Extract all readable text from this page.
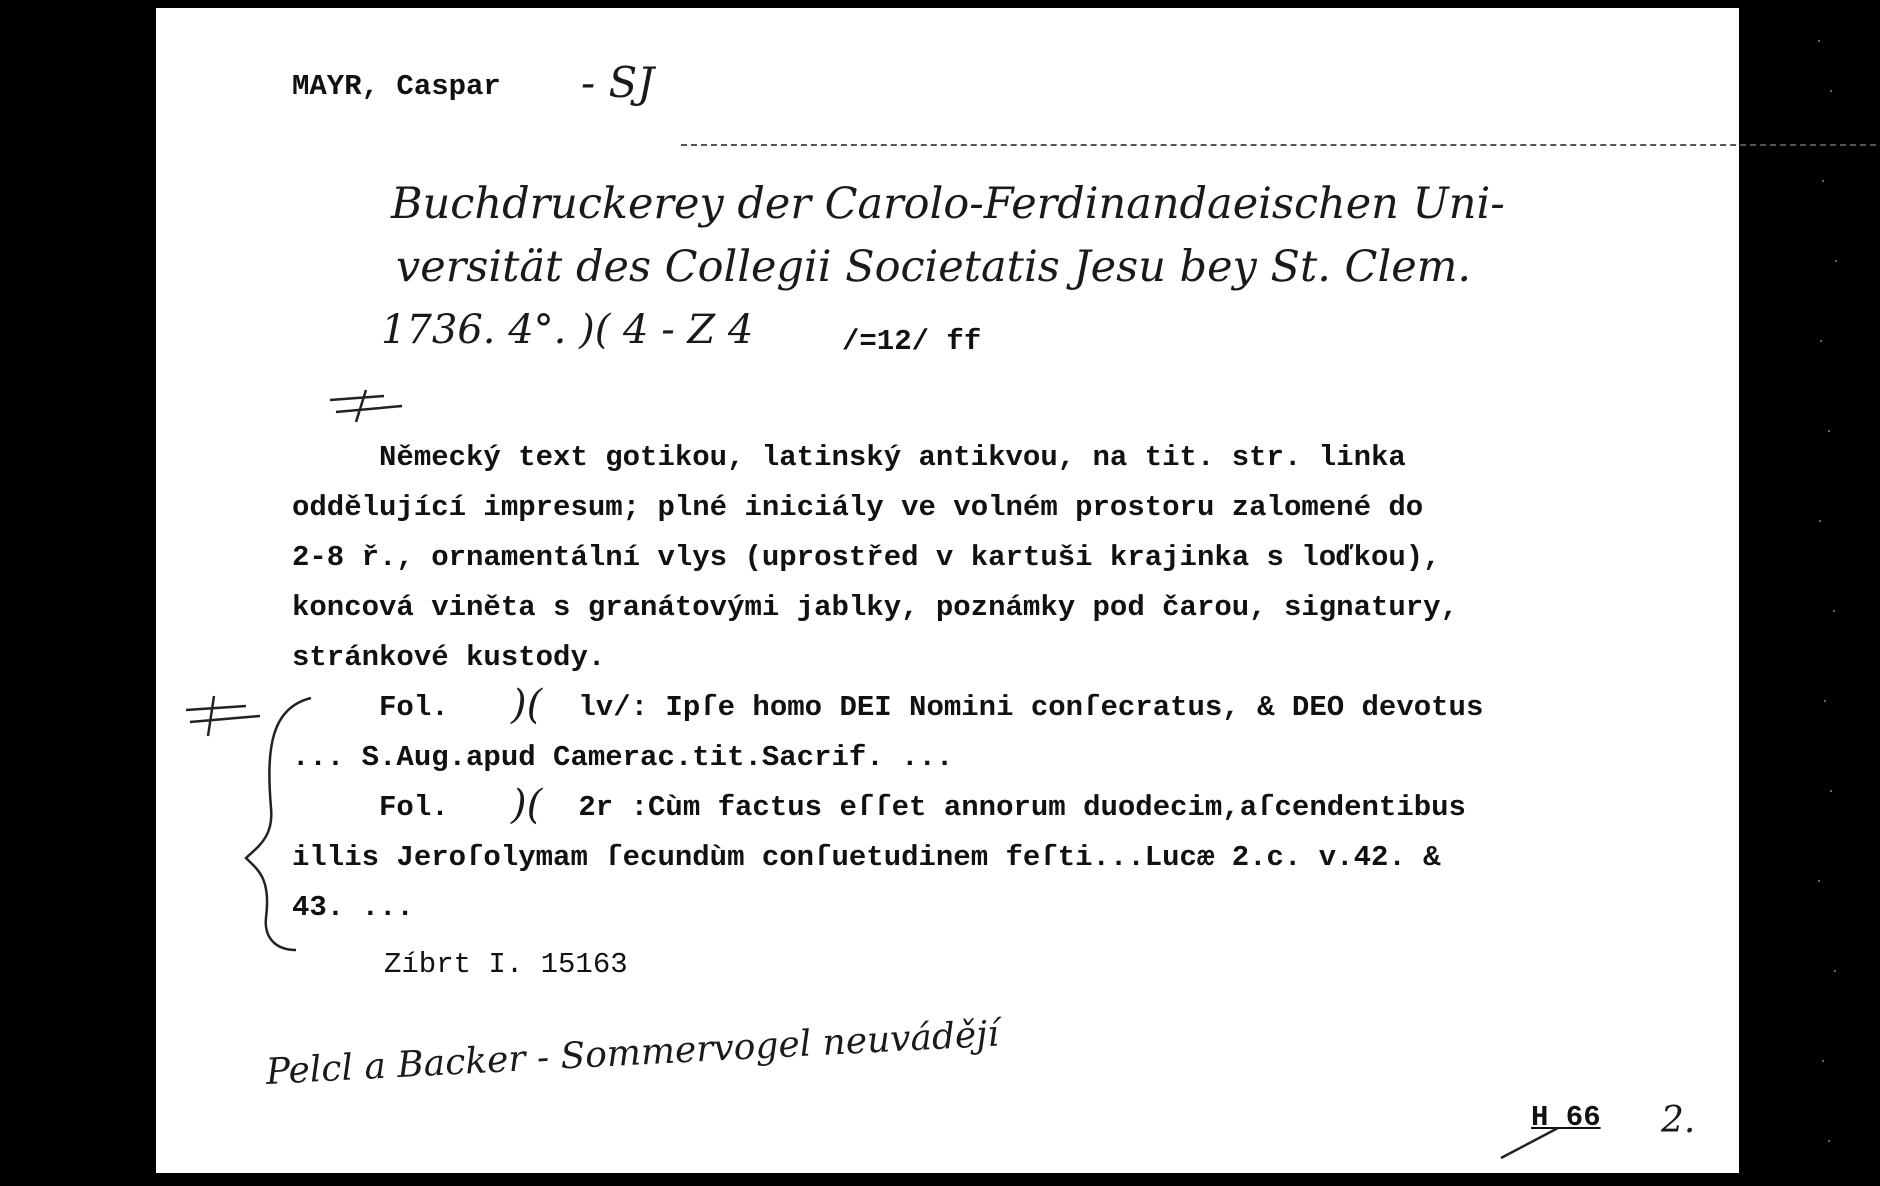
MAYR, Caspar - SJ
Buchdruckerey der Carolo-Ferdinandaeischen Uni-
versität des Collegii Societatis Jesu bey St. Clem.
1736. 4°. )( 4 - Z 4	/=12/ ff
Německý text gotikou, latinský antikvou, na tit. str. linka
oddělující impresum; plné iniciály ve volném prostoru zalomené do
2-8 ř., ornamentální vlys (uprostřed v kartuši krajinka s loďkou),
koncová viněta s granátovými jablky, poznámky pod čarou, signatury,
stránkové kustody.
Fol. )( lv/: Ipſe homo DEI Nomini conſecratus, & DEO devotus
... S.Aug.apud Camerac.tit.Sacrif. ...
Fol. )( 2r :Cùm factus eſſet annorum duodecim,aſcendentibus
illis Jeroſolymam ſecundùm conſuetudinem feſti...Lucæ 2.c. v.42. &
43. ...
Zíbrt I. 15163
Pelcl a Backer - Sommervogel neuvádějí
H 66 2.
